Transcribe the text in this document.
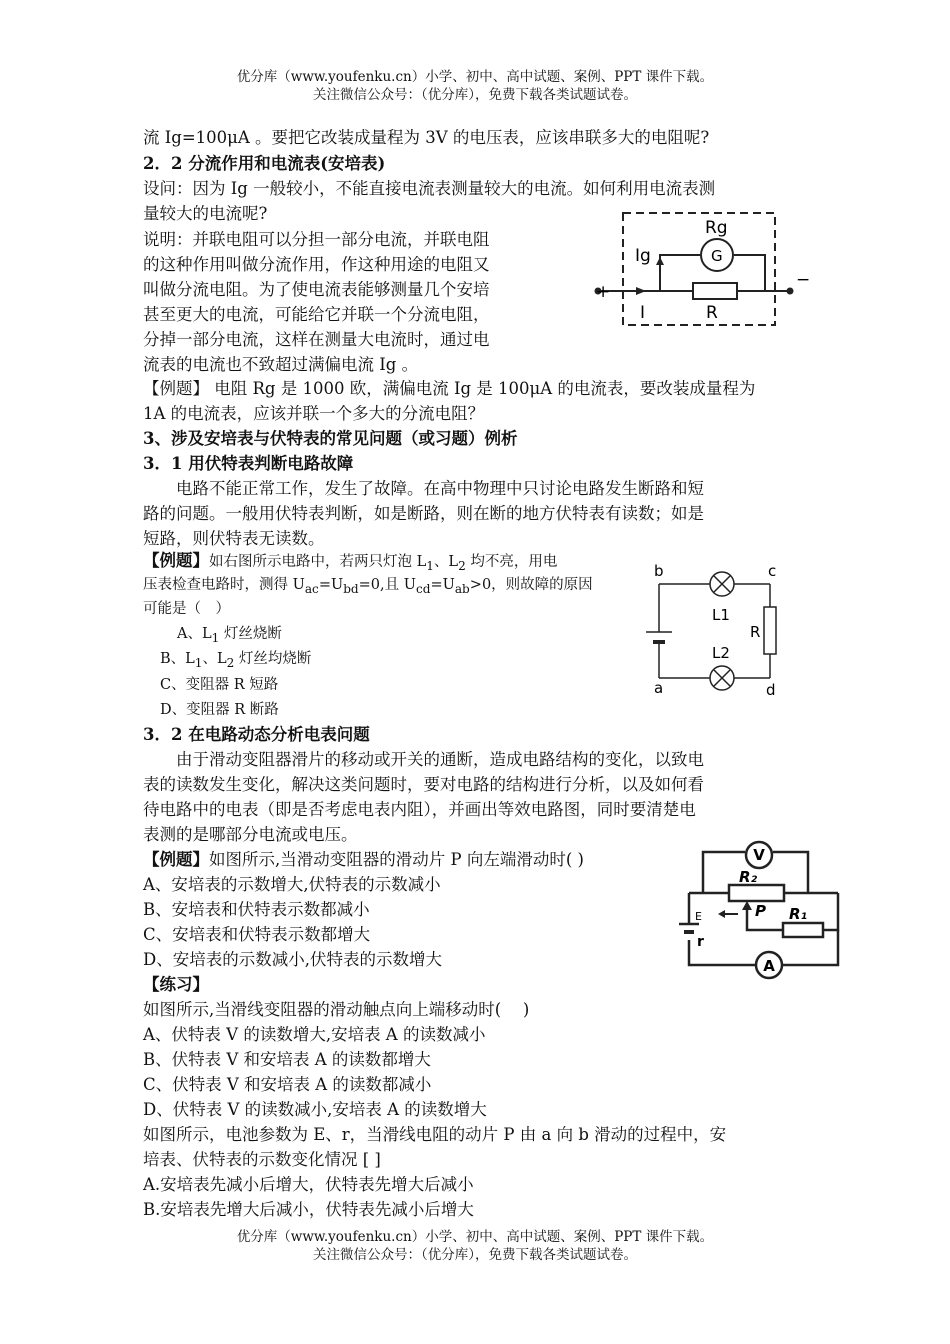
优分库（www.youfenku.cn）小学、初中、高中试题、案例、PPT 课件下载。
关注微信公众号：（优分库），免费下载各类试题试卷。
流 Ig=100μA 。要把它改装成量程为 3V 的电压表，应该串联多大的电阻呢?
2．2 分流作用和电流表(安培表)
设问：因为 Ig 一般较小，不能直接电流表测量较大的电流。如何利用电流表测
量较大的电流呢?
说明：并联电阻可以分担一部分电流，并联电阻
的这种作用叫做分流作用，作这种用途的电阻又
叫做分流电阻。为了使电流表能够测量几个安培
甚至更大的电流，可能给它并联一个分流电阻，
分掉一部分电流，这样在测量大电流时，通过电
流表的电流也不致超过满偏电流 Ig 。
【例题】 电阻 Rg 是 1000 欧，满偏电流 Ig 是 100μA 的电流表，要改装成量程为
1A 的电流表，应该并联一个多大的分流电阻？
Rg
G
Ig
I	R
+
−
3、涉及安培表与伏特表的常见问题（或习题）例析
3．1 用伏特表判断电路故障
电路不能正常工作，发生了故障。在高中物理中只讨论电路发生断路和短
路的问题。一般用伏特表判断，如是断路，则在断的地方伏特表有读数；如是
短路，则伏特表无读数。
【例题】如右图所示电路中，若两只灯泡 $L_1$、$L_2$ 均不亮，用电
压表检查电路时，测得 $U_{ac}=U_{bd}=0$,且 $U_{cd}=U_{ab}>0$，则故障的原因
可能是（　）
A、$L_1$ 灯丝烧断
B、$L_1$、$L_2$ 灯丝均烧断
C、变阻器 R 短路
D、变阻器 R 断路
b	c
a	d
L1
L2
R
3．2 在电路动态分析电表问题
由于滑动变阻器滑片的移动或开关的通断，造成电路结构的变化，以致电
表的读数发生变化，解决这类问题时，要对电路的结构进行分析，以及如何看
待电路中的电表（即是否考虑电表内阻），并画出等效电路图，同时要清楚电
表测的是哪部分电流或电压。
【例题】如图所示,当滑动变阻器的滑动片 P 向左端滑动时( )
A、安培表的示数增大,伏特表的示数减小
B、安培表和伏特表示数都减小
C、安培表和伏特表示数都增大
D、安培表的示数减小,伏特表的示数增大
【练习】
如图所示,当滑线变阻器的滑动触点向上端移动时(　 )
A、伏特表 V 的读数增大,安培表 A 的读数减小
B、伏特表 V 和安培表 A 的读数都增大
C、伏特表 V 和安培表 A 的读数都减小
D、伏特表 V 的读数减小,安培表 A 的读数增大
如图所示，电池参数为 E、r，当滑线电阻的动片 P 由 a 向 b 滑动的过程中，安
培表、伏特表的示数变化情况 [ ]
A.安培表先减小后增大，伏特表先增大后减小
B.安培表先增大后减小，伏特表先减小后增大
V
A
R₂
R₁
P
E
r
优分库（www.youfenku.cn）小学、初中、高中试题、案例、PPT 课件下载。
关注微信公众号：（优分库），免费下载各类试题试卷。
